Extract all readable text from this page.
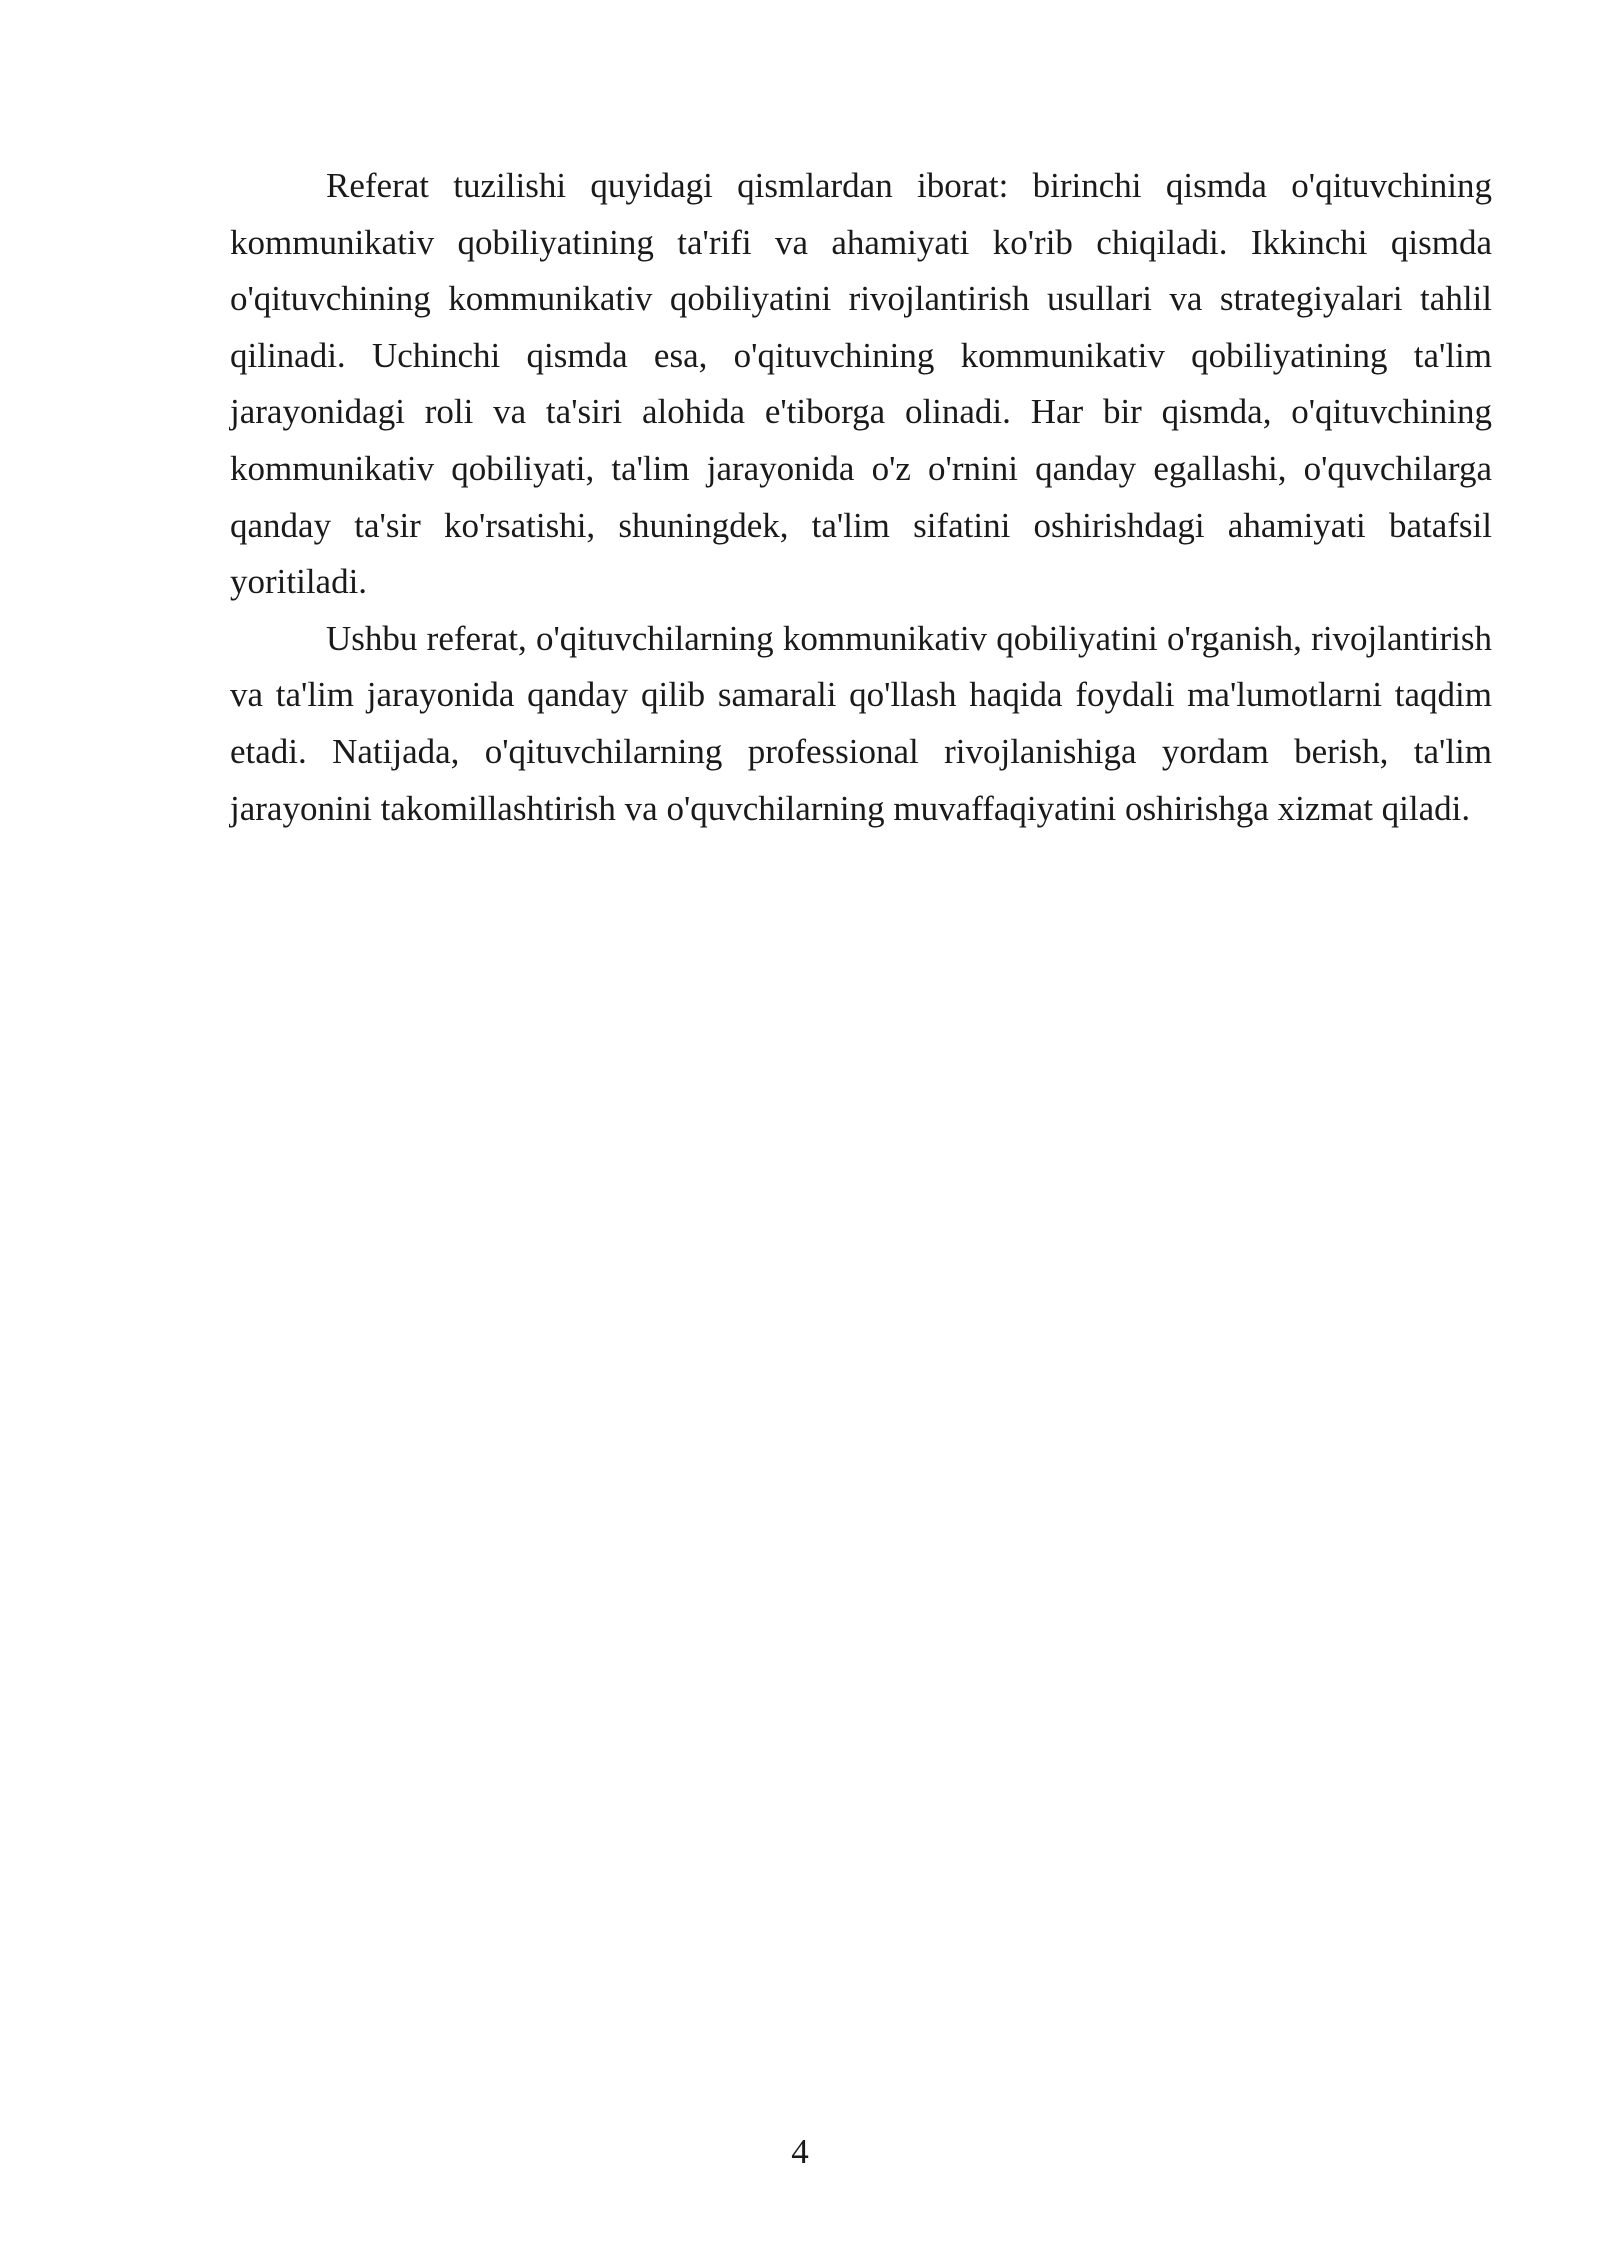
Referat tuzilishi quyidagi qismlardan iborat: birinchi qismda o'qituvchining kommunikativ qobiliyatining ta'rifi va ahamiyati ko'rib chiqiladi. Ikkinchi qismda o'qituvchining kommunikativ qobiliyatini rivojlantirish usullari va strategiyalari tahlil qilinadi. Uchinchi qismda esa, o'qituvchining kommunikativ qobiliyatining ta'lim jarayonidagi roli va ta'siri alohida e'tiborga olinadi. Har bir qismda, o'qituvchining kommunikativ qobiliyati, ta'lim jarayonida o'z o'rnini qanday egallashi, o'quvchilarga qanday ta'sir ko'rsatishi, shuningdek, ta'lim sifatini oshirishdagi ahamiyati batafsil yoritiladi.

Ushbu referat, o'qituvchilarning kommunikativ qobiliyatini o'rganish, rivojlantirish va ta'lim jarayonida qanday qilib samarali qo'llash haqida foydali ma'lumotlarni taqdim etadi. Natijada, o'qituvchilarning professional rivojlanishiga yordam berish, ta'lim jarayonini takomillashtirish va o'quvchilarning muvaffaqiyatini oshirishga xizmat qiladi.

4
